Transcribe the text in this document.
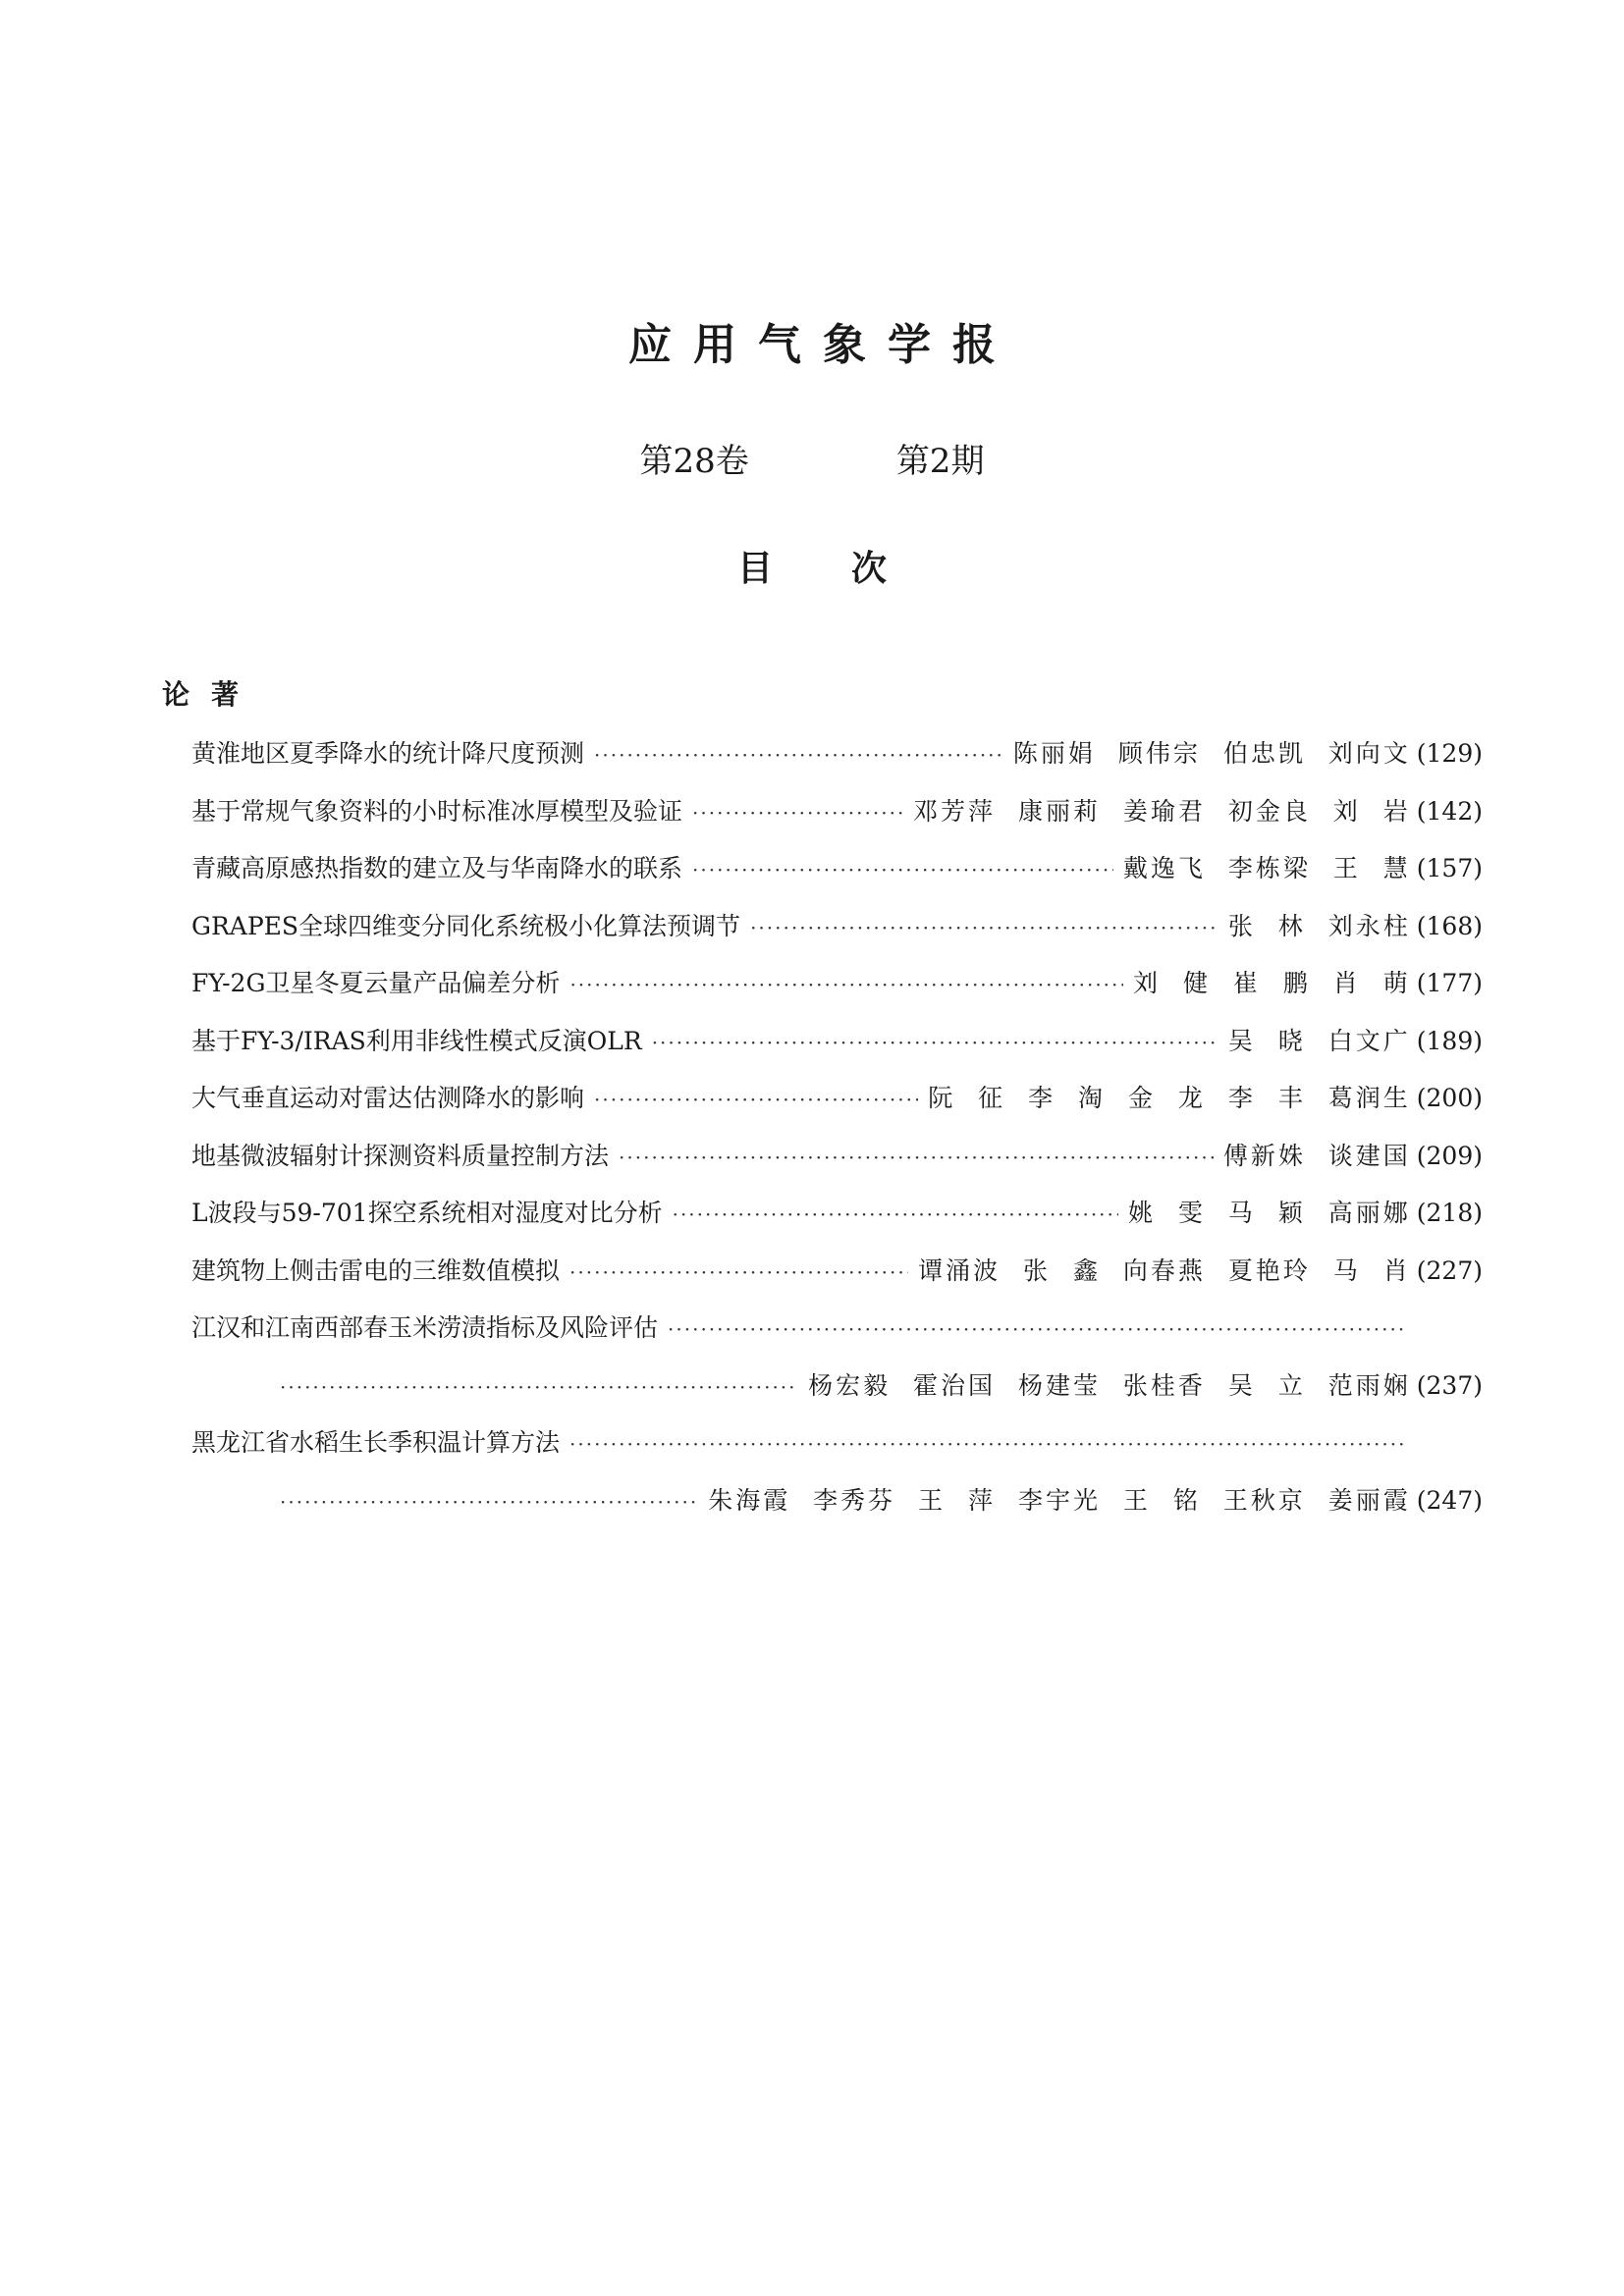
应用气象学报
第28卷	第2期
目 次
论著
黄淮地区夏季降水的统计降尺度预测 ·····	陈丽娟 顾伟宗 伯忠凯 刘向文 (129)
基于常规气象资料的小时标准冰厚模型及验证 ·····	邓芳萍 康丽莉 姜瑜君 初金良 刘 岩 (142)
青藏高原感热指数的建立及与华南降水的联系 ·····	戴逸飞 李栋梁 王 慧 (157)
GRAPES全球四维变分同化系统极小化算法预调节 ·····	张 林 刘永柱 (168)
FY-2G卫星冬夏云量产品偏差分析 ·····	刘 健 崔 鹏 肖 萌 (177)
基于FY-3/IRAS利用非线性模式反演OLR ·····	吴 晓 白文广 (189)
大气垂直运动对雷达估测降水的影响 ·····	阮 征 李 淘 金 龙 李 丰 葛润生 (200)
地基微波辐射计探测资料质量控制方法 ·····	傅新姝 谈建国 (209)
L波段与59-701探空系统相对湿度对比分析 ·····	姚 雯 马 颖 高丽娜 (218)
建筑物上侧击雷电的三维数值模拟 ·····	谭涌波 张 鑫 向春燕 夏艳玲 马 肖 (227)
江汉和江南西部春玉米涝渍指标及风险评估
·····
·····
杨宏毅 霍治国 杨建莹 张桂香 吴 立 范雨娴 (237)
黑龙江省水稻生长季积温计算方法
·····
·····
朱海霞 李秀芬 王 萍 李宇光 王 铭 王秋京 姜丽霞 (247)
